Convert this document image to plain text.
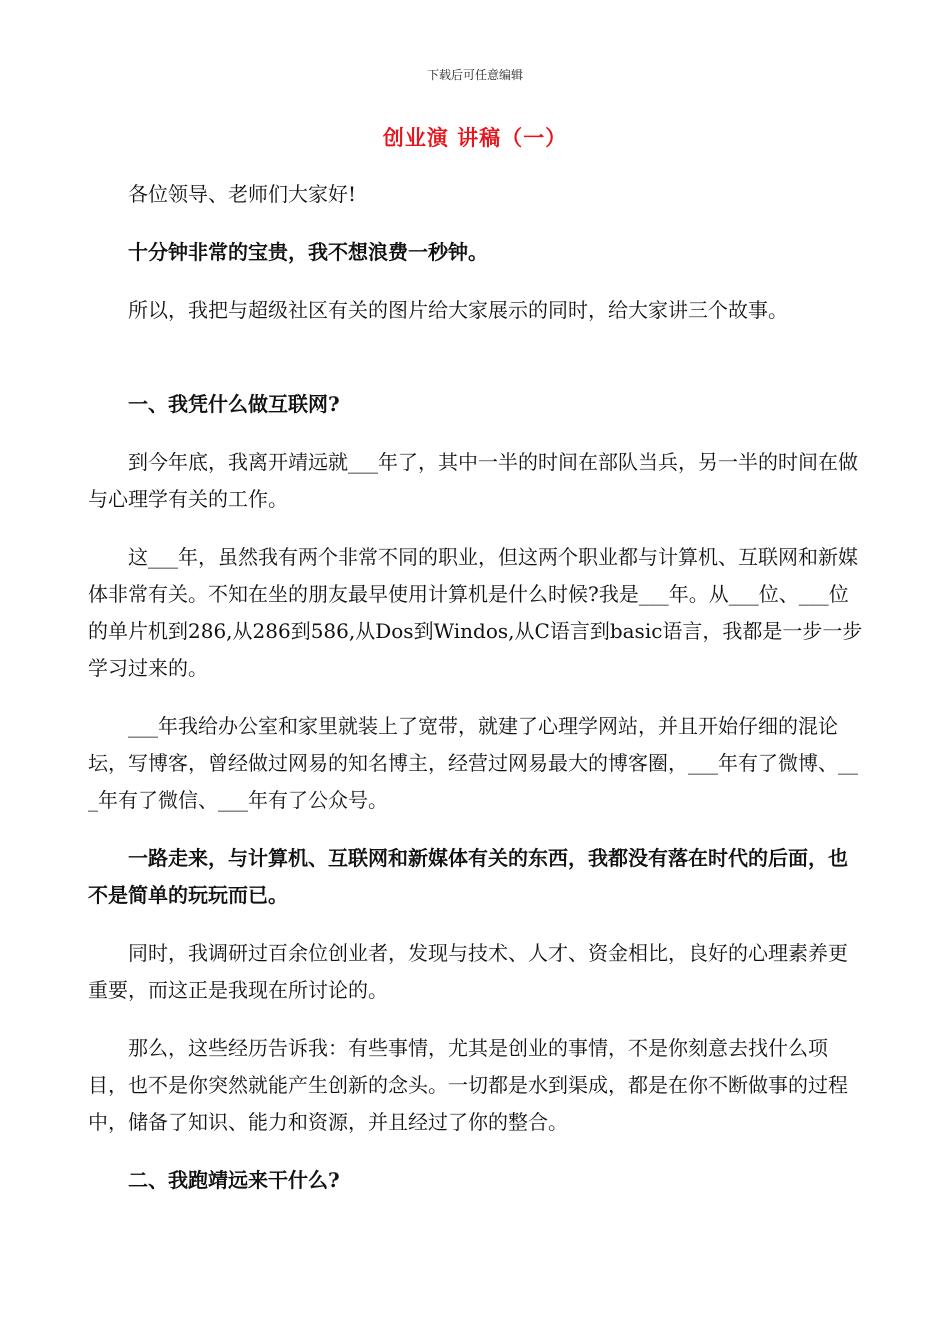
下载后可任意编辑
创业演 讲稿（一）

各位领导、老师们大家好!

十分钟非常的宝贵，我不想浪费一秒钟。

所以，我把与超级社区有关的图片给大家展示的同时，给大家讲三个故事。

一、我凭什么做互联网?

到今年底，我离开靖远就___年了，其中一半的时间在部队当兵，另一半的时间在做与心理学有关的工作。

这___年，虽然我有两个非常不同的职业，但这两个职业都与计算机、互联网和新媒体非常有关。不知在坐的朋友最早使用计算机是什么时候?我是___年。从___位、___位的单片机到286,从286到586,从Dos到Windos,从C语言到basic语言，我都是一步一步学习过来的。

___年我给办公室和家里就装上了宽带，就建了心理学网站，并且开始仔细的混论坛，写博客，曾经做过网易的知名博主，经营过网易最大的博客圈，___年有了微博、___年有了微信、___年有了公众号。

一路走来，与计算机、互联网和新媒体有关的东西，我都没有落在时代的后面，也不是简单的玩玩而已。

同时，我调研过百余位创业者，发现与技术、人才、资金相比，良好的心理素养更重要，而这正是我现在所讨论的。

那么，这些经历告诉我：有些事情，尤其是创业的事情，不是你刻意去找什么项目，也不是你突然就能产生创新的念头。一切都是水到渠成，都是在你不断做事的过程中，储备了知识、能力和资源，并且经过了你的整合。

二、我跑靖远来干什么?
